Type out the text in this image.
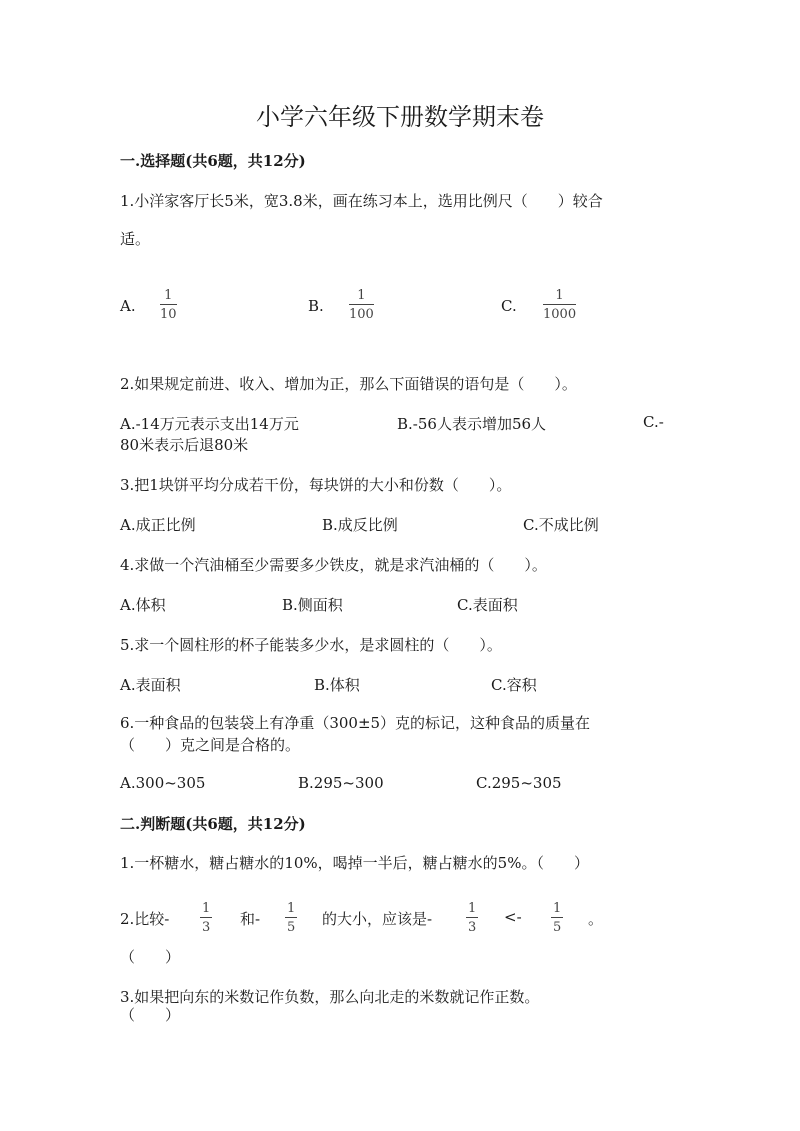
小学六年级下册数学期末卷
一.选择题(共6题，共12分)
1.小洋家客厅长5米，宽3.8米，画在练习本上，选用比例尺（　　）较合
适。
A.
1
10	B.
1
100	C.
1
1000
2.如果规定前进、收入、增加为正，那么下面错误的语句是（　　）。
A.-14万元表示支出14万元	B.-56人表示增加56人	C.-
80米表示后退80米
3.把1块饼平均分成若干份，每块饼的大小和份数（　　）。
A.成正比例	B.成反比例	C.不成比例
4.求做一个汽油桶至少需要多少铁皮，就是求汽油桶的（　　）。
A.体积	B.侧面积	C.表面积
5.求一个圆柱形的杯子能装多少水，是求圆柱的（　　）。
A.表面积	B.体积	C.容积
6.一种食品的包装袋上有净重（300±5）克的标记，这种食品的质量在
（　　）克之间是合格的。
A.300~305	B.295~300	C.295~305
二.判断题(共6题，共12分)
1.一杯糖水，糖占糖水的10%，喝掉一半后，糖占糖水的5%。（　　）
2.比较-
1
3 和-
1
5 的大小，应该是-
1
3
<- 1
5 。
（　　）
3.如果把向东的米数记作负数，那么向北走的米数就记作正数。
（　　）
